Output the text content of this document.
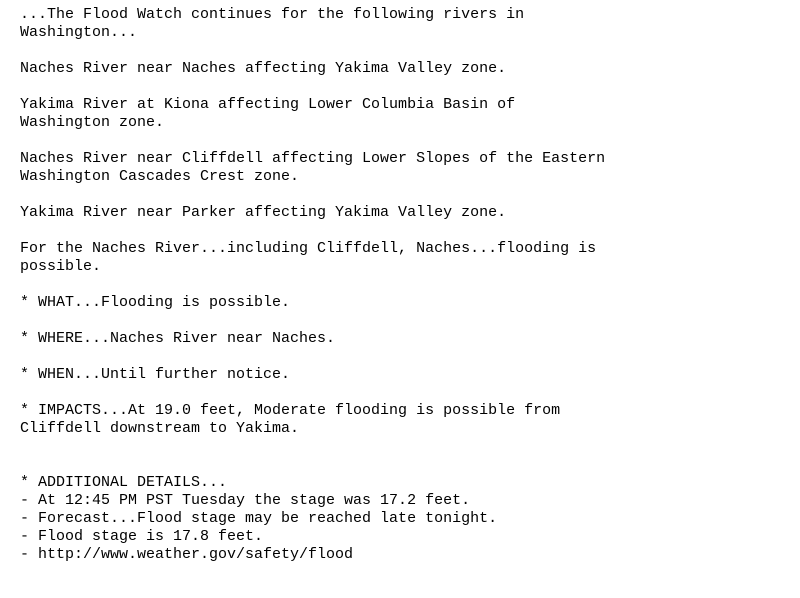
...The Flood Watch continues for the following rivers in
Washington...
Naches River near Naches affecting Yakima Valley zone.
Yakima River at Kiona affecting Lower Columbia Basin of
Washington zone.
Naches River near Cliffdell affecting Lower Slopes of the Eastern
Washington Cascades Crest zone.
Yakima River near Parker affecting Yakima Valley zone.
For the Naches River...including Cliffdell, Naches...flooding is
possible.
* WHAT...Flooding is possible.
* WHERE...Naches River near Naches.
* WHEN...Until further notice.
* IMPACTS...At 19.0 feet, Moderate flooding is possible from
Cliffdell downstream to Yakima.
* ADDITIONAL DETAILS...
- At 12:45 PM PST Tuesday the stage was 17.2 feet.
- Forecast...Flood stage may be reached late tonight.
- Flood stage is 17.8 feet.
- http://www.weather.gov/safety/flood
